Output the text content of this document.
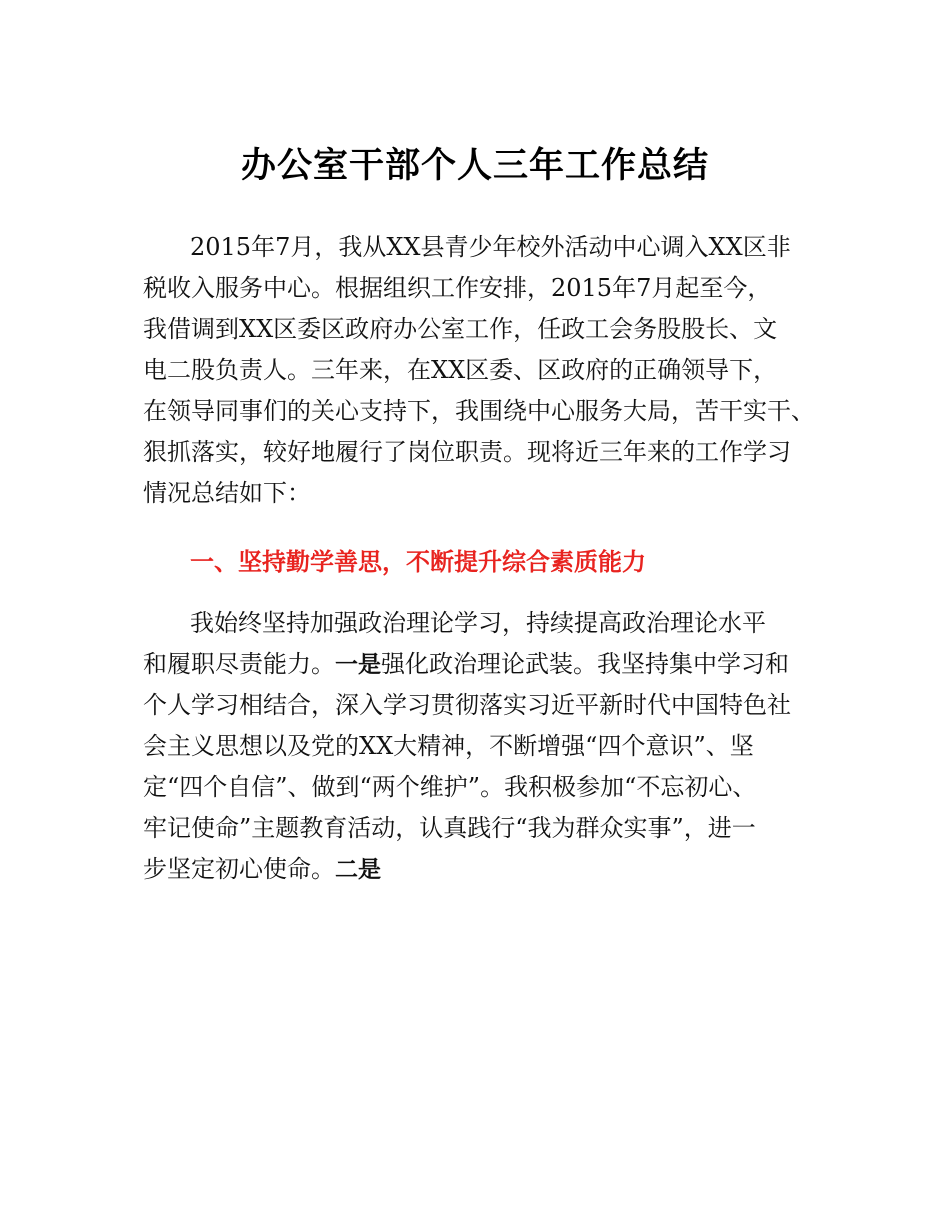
办公室干部个人三年工作总结
2015年7月，我从XX县青少年校外活动中心调入XX区非
税收入服务中心。根据组织工作安排，2015年7月起至今，
我借调到XX区委区政府办公室工作，任政工会务股股长、文
电二股负责人。三年来，在XX区委、区政府的正确领导下，
在领导同事们的关心支持下，我围绕中心服务大局，苦干实干、
狠抓落实，较好地履行了岗位职责。现将近三年来的工作学习
情况总结如下：
一、坚持勤学善思，不断提升综合素质能力
我始终坚持加强政治理论学习，持续提高政治理论水平
和履职尽责能力。一是强化政治理论武装。我坚持集中学习和
个人学习相结合，深入学习贯彻落实习近平新时代中国特色社
会主义思想以及党的XX大精神，不断增强“四个意识”、坚
定“四个自信”、做到“两个维护”。我积极参加“不忘初心、
牢记使命”主题教育活动，认真践行“我为群众实事”，进一
步坚定初心使命。二是
